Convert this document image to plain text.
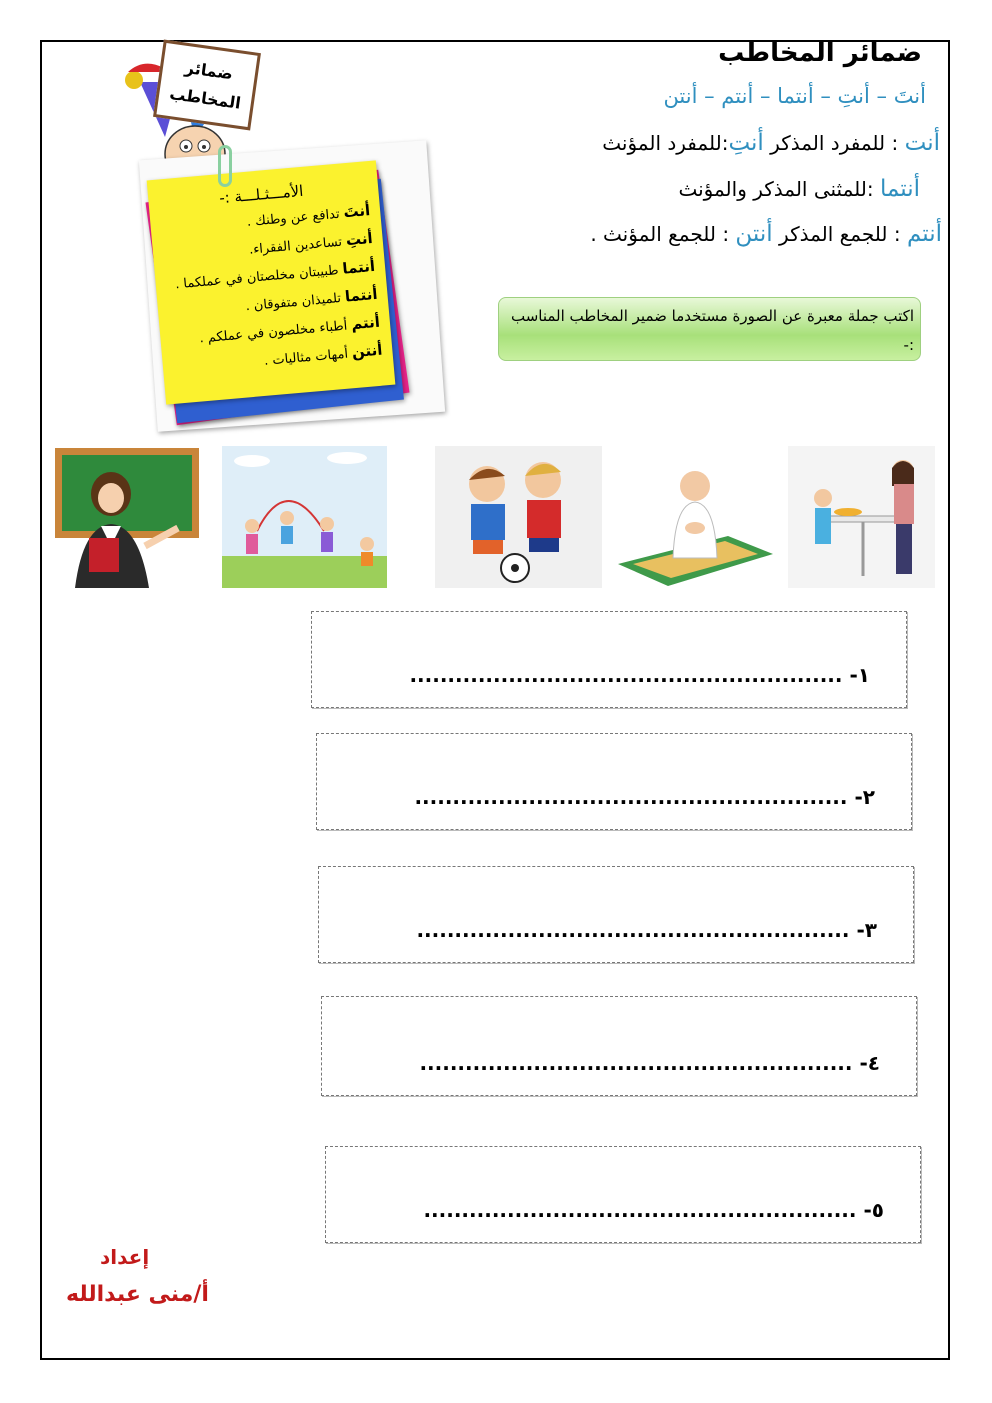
ضمائر المخاطب
أنتَ – أنتِ – أنتما – أنتم – أنتن
أنت : للمفرد المذكر أنتِ:للمفرد المؤنث
أنتما :للمثنى المذكر والمؤنث
أنتم : للجمع المذكر أنتن : للجمع المؤنث .
اكتب جملة معبرة عن الصورة مستخدما ضمير المخاطب المناسب :-
ضمائر
المخاطب
الأمـــثـلـــة :-
أنتَ تدافع عن وطنك .
أنتِ تساعدين الفقراء.
أنتما طبيبتان مخلصتان في عملكما .
أنتما تلميذان متفوقان .
أنتم أطباء مخلصون في عملكم .
أنتن أمهات مثاليات .
١- .........................................................
٢- .........................................................
٣- .........................................................
٤- .........................................................
٥- .........................................................
إعداد
أ/منى عبدالله
